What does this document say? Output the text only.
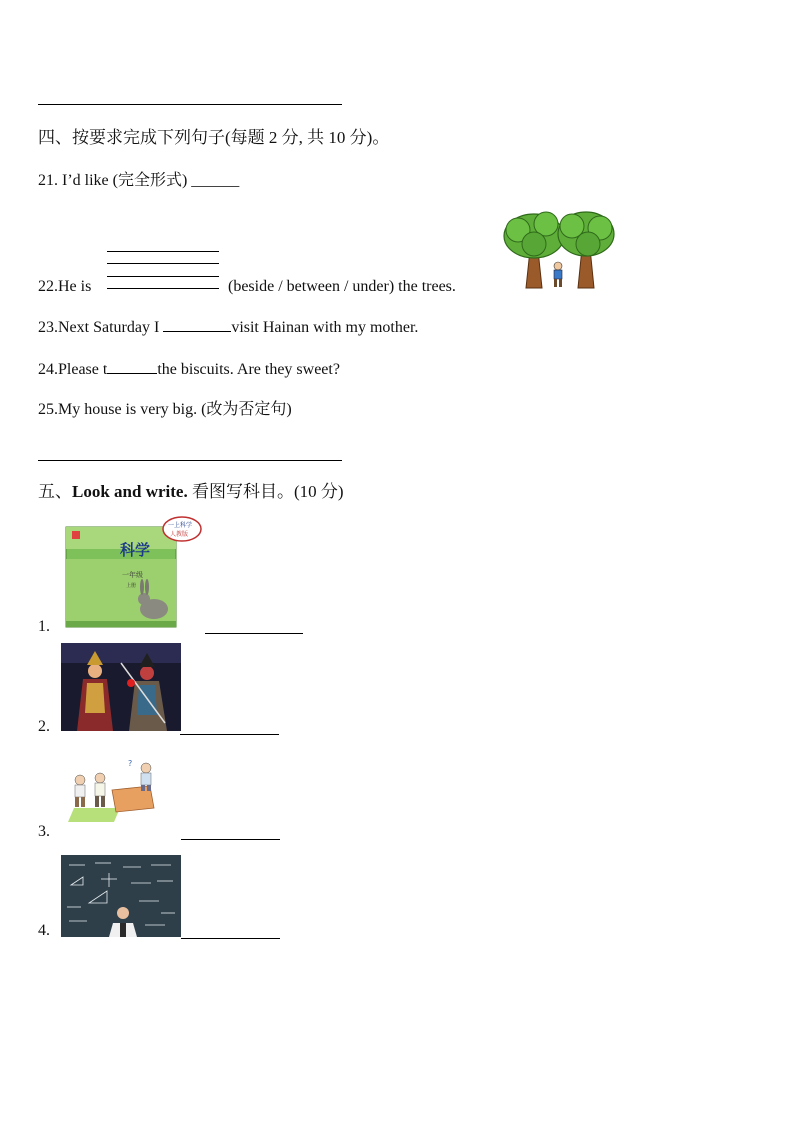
四、按要求完成下列句子(每题 2 分, 共 10 分)。
21. I’d like (完全形式) ______
22.He is	(beside / between / under) the trees.
23.Next Saturday I	visit Hainan with my mother.
24.Please t	the biscuits. Are they sweet?
25.My house is very big. (改为否定句)
五、Look and write. 看图写科目。(10 分)
科学
一年级
上册
一上科学
人教版
1.
2.
?
3.
4.
